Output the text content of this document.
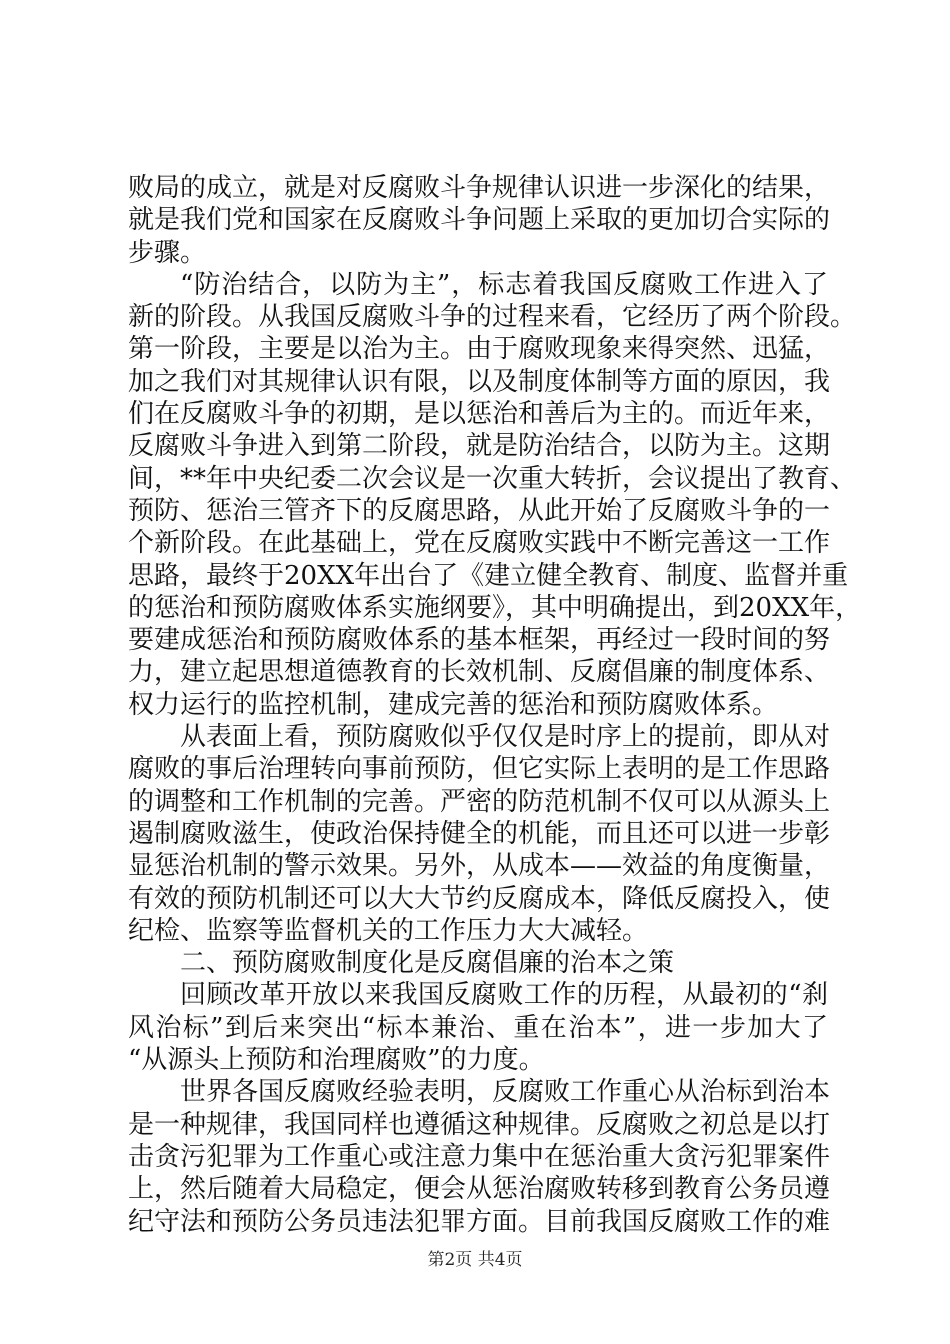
败局的成立，就是对反腐败斗争规律认识进一步深化的结果，
就是我们党和国家在反腐败斗争问题上采取的更加切合实际的
步骤。
“防治结合，以防为主”，标志着我国反腐败工作进入了
新的阶段。从我国反腐败斗争的过程来看，它经历了两个阶段。
第一阶段，主要是以治为主。由于腐败现象来得突然、迅猛，
加之我们对其规律认识有限，以及制度体制等方面的原因，我
们在反腐败斗争的初期，是以惩治和善后为主的。而近年来，
反腐败斗争进入到第二阶段，就是防治结合，以防为主。这期
间，**年中央纪委二次会议是一次重大转折，会议提出了教育、
预防、惩治三管齐下的反腐思路，从此开始了反腐败斗争的一
个新阶段。在此基础上，党在反腐败实践中不断完善这一工作
思路，最终于20XX年出台了《建立健全教育、制度、监督并重
的惩治和预防腐败体系实施纲要》，其中明确提出，到20XX年，
要建成惩治和预防腐败体系的基本框架，再经过一段时间的努
力，建立起思想道德教育的长效机制、反腐倡廉的制度体系、
权力运行的监控机制，建成完善的惩治和预防腐败体系。
从表面上看，预防腐败似乎仅仅是时序上的提前，即从对
腐败的事后治理转向事前预防，但它实际上表明的是工作思路
的调整和工作机制的完善。严密的防范机制不仅可以从源头上
遏制腐败滋生，使政治保持健全的机能，而且还可以进一步彰
显惩治机制的警示效果。另外，从成本——效益的角度衡量，
有效的预防机制还可以大大节约反腐成本，降低反腐投入，使
纪检、监察等监督机关的工作压力大大减轻。
二、预防腐败制度化是反腐倡廉的治本之策
回顾改革开放以来我国反腐败工作的历程，从最初的“刹
风治标”到后来突出“标本兼治、重在治本”，进一步加大了
“从源头上预防和治理腐败”的力度。
世界各国反腐败经验表明，反腐败工作重心从治标到治本
是一种规律，我国同样也遵循这种规律。反腐败之初总是以打
击贪污犯罪为工作重心或注意力集中在惩治重大贪污犯罪案件
上，然后随着大局稳定，便会从惩治腐败转移到教育公务员遵
纪守法和预防公务员违法犯罪方面。目前我国反腐败工作的难
第2页 共4页
